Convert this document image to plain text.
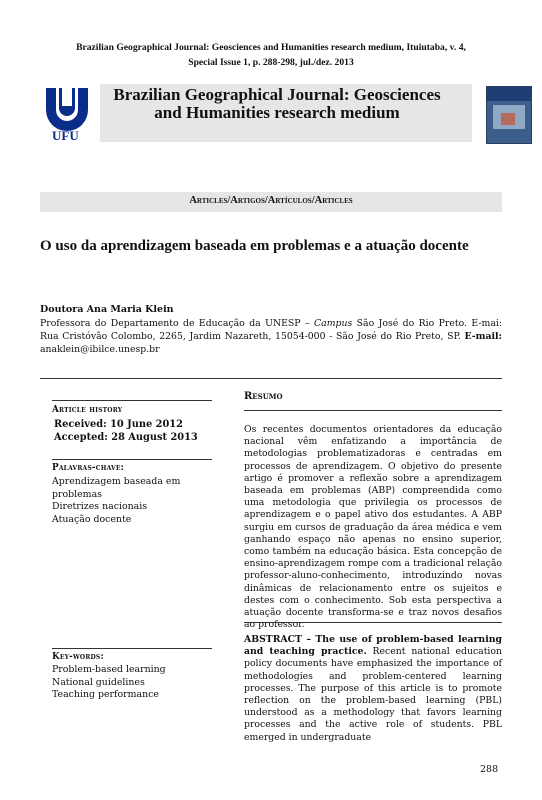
Brazilian Geographical Journal: Geosciences and Humanities research medium, Ituiutaba, v. 4,
Special Issue 1, p. 288-298, jul./dez. 2013
UFU
Brazilian Geographical Journal: Geosciences and Humanities research medium
Articles/Artigos/Artículos/Articles
O uso da aprendizagem baseada em problemas e a atuação docente
Doutora Ana Maria Klein
Professora do Departamento de Educação da UNESP – Campus São José do Rio Preto. E-mai: Rua Cristóvão Colombo, 2265, Jardim Nazareth, 15054-000 - São José do Rio Preto, SP. E-mail: anaklein@ibilce.unesp.br
Article history
Received: 10 June 2012
Accepted: 28 August 2013
Palavras-chave:
Aprendizagem baseada em problemas
Diretrizes nacionais
Atuação docente
Key-words:
Problem-based learning
National guidelines
Teaching performance
Resumo
Os recentes documentos orientadores da educação nacional vêm enfatizando a importância de metodologias problematizadoras e centradas em processos de aprendizagem. O objetivo do presente artigo é promover a reflexão sobre a aprendizagem baseada em problemas (ABP) compreendida como uma metodologia que privilegia os processos de aprendizagem e o papel ativo dos estudantes. A ABP surgiu em cursos de graduação da área médica e vem ganhando espaço não apenas no ensino superior, como também na educação básica. Esta concepção de ensino-aprendizagem rompe com a tradicional relação professor-aluno-conhecimento, introduzindo novas dinâmicas de relacionamento entre os sujeitos e destes com o conhecimento. Sob esta perspectiva a atuação docente transforma-se e traz novos desafios ao professor.
ABSTRACT – The use of problem-based learning and teaching practice. Recent national education policy documents have emphasized the importance of methodologies and problem-centered learning processes. The purpose of this article is to promote reflection on the problem-based learning (PBL) understood as a methodology that favors learning processes and the active role of students. PBL emerged in undergraduate
288
